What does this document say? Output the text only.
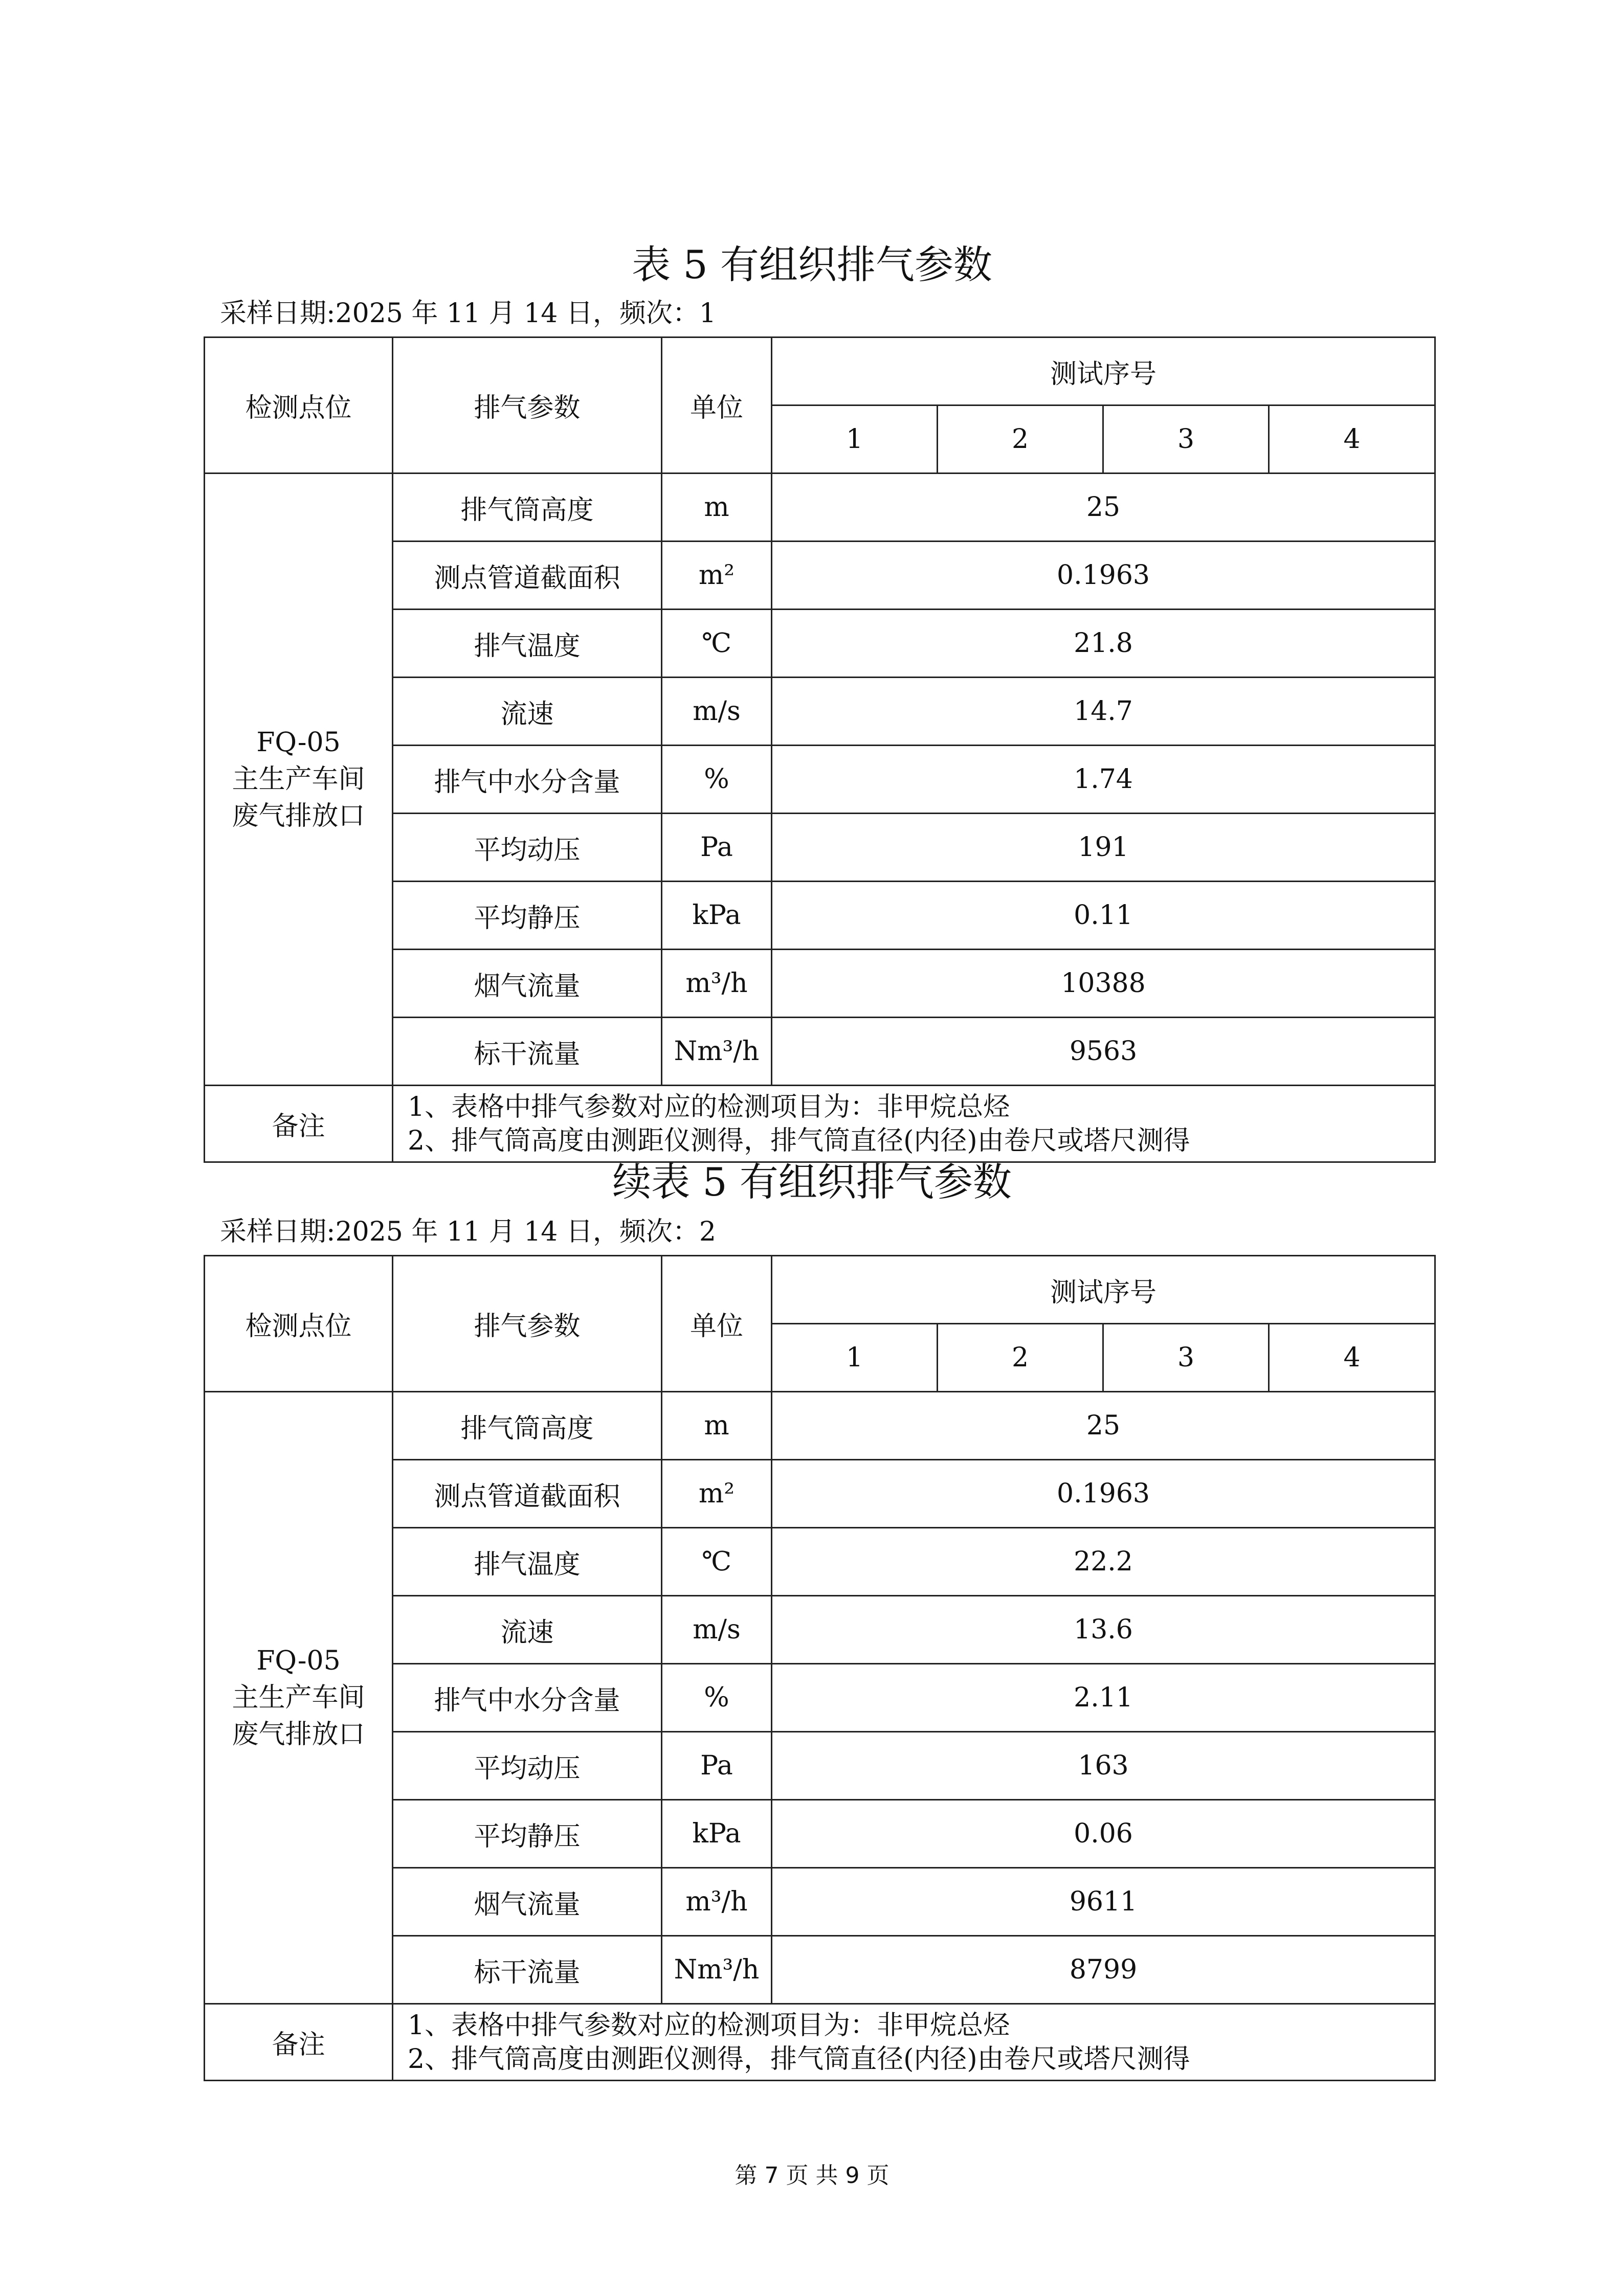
表 5 有组织排气参数
采样日期:2025 年 11 月 14 日，频次：1
检测点位	排气参数	单位	测试序号			
			1	2	3	4

FQ-05
主生产车间
废气排放口	排气筒高度	m	25			
	测点管道截面积	m²	0.1963			
	排气温度	℃	21.8			
	流速	m/s	14.7			
	排气中水分含量	%	1.74			
	平均动压	Pa	191			
	平均静压	kPa	0.11			
	烟气流量	m³/h	10388			
	标干流量	Nm³/h	9563			
备注	1、表格中排气参数对应的检测项目为：非甲烷总烃
2、排气筒高度由测距仪测得，排气筒直径(内径)由卷尺或塔尺测得					
续表 5 有组织排气参数
采样日期:2025 年 11 月 14 日，频次：2
检测点位	排气参数	单位	测试序号			
			1	2	3	4

FQ-05
主生产车间
废气排放口	排气筒高度	m	25			
	测点管道截面积	m²	0.1963			
	排气温度	℃	22.2			
	流速	m/s	13.6			
	排气中水分含量	%	2.11			
	平均动压	Pa	163			
	平均静压	kPa	0.06			
	烟气流量	m³/h	9611			
	标干流量	Nm³/h	8799			
备注	1、表格中排气参数对应的检测项目为：非甲烷总烃
2、排气筒高度由测距仪测得，排气筒直径(内径)由卷尺或塔尺测得					
第 7 页 共 9 页
